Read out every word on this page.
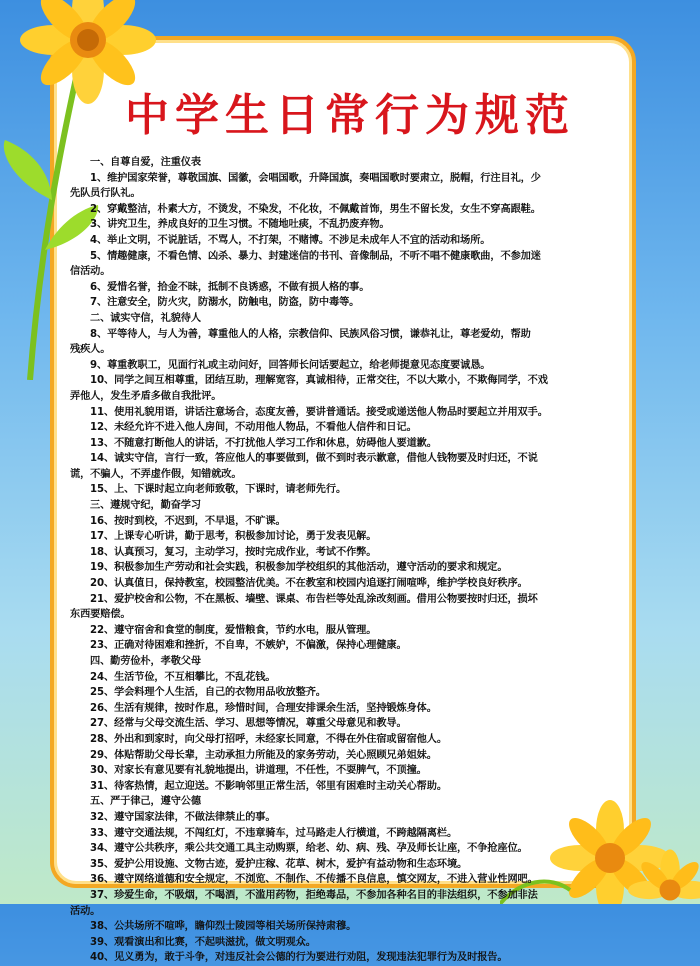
中学生日常行为规范
一、自尊自爱，注重仪表
1、维护国家荣誉，尊敬国旗、国徽，会唱国歌，升降国旗，奏唱国歌时要肃立，脱帽，行注目礼，少
先队员行队礼。
2、穿戴整洁，朴素大方，不烫发，不染发，不化妆，不佩戴首饰，男生不留长发，女生不穿高跟鞋。
3、讲究卫生，养成良好的卫生习惯。不随地吐痰，不乱扔废弃物。
4、举止文明，不说脏话，不骂人，不打架，不赌博。不涉足未成年人不宜的活动和场所。
5、情趣健康，不看色情、凶杀、暴力、封建迷信的书刊、音像制品，不听不唱不健康歌曲，不参加迷
信活动。
6、爱惜名誉，拾金不昧，抵制不良诱惑，不做有损人格的事。
7、注意安全，防火灾，防溺水，防触电，防盗，防中毒等。
二、诚实守信，礼貌待人
8、平等待人，与人为善，尊重他人的人格，宗教信仰、民族风俗习惯，谦恭礼让，尊老爱幼，帮助
残疾人。
9、尊重教职工，见面行礼或主动问好，回答师长问话要起立，给老师提意见态度要诚恳。
10、同学之间互相尊重，团结互助，理解宽容，真诚相待，正常交往，不以大欺小，不欺侮同学，不戏
弄他人，发生矛盾多做自我批评。
11、使用礼貌用语，讲话注意场合，态度友善，要讲普通话。接受或递送他人物品时要起立并用双手。
12、未经允许不进入他人房间，不动用他人物品，不看他人信件和日记。
13、不随意打断他人的讲话，不打扰他人学习工作和休息，妨碍他人要道歉。
14、诚实守信，言行一致，答应他人的事要做到，做不到时表示歉意，借他人钱物要及时归还，不说
谎，不骗人，不弄虚作假，知错就改。
15、上、下课时起立向老师致敬，下课时，请老师先行。
三、遵规守纪，勤奋学习
16、按时到校，不迟到，不早退，不旷课。
17、上课专心听讲，勤于思考，积极参加讨论，勇于发表见解。
18、认真预习，复习，主动学习，按时完成作业，考试不作弊。
19、积极参加生产劳动和社会实践，积极参加学校组织的其他活动，遵守活动的要求和规定。
20、认真值日，保持教室，校园整洁优美。不在教室和校园内追逐打闹喧哗，维护学校良好秩序。
21、爱护校舍和公物，不在黑板、墙壁、课桌、布告栏等处乱涂改刻画。借用公物要按时归还，损坏
东西要赔偿。
22、遵守宿舍和食堂的制度，爱惜粮食，节约水电，服从管理。
23、正确对待困难和挫折，不自卑，不嫉妒，不偏激，保持心理健康。
四、勤劳俭朴，孝敬父母
24、生活节俭，不互相攀比，不乱花钱。
25、学会料理个人生活，自己的衣物用品收放整齐。
26、生活有规律，按时作息，珍惜时间，合理安排课余生活，坚持锻炼身体。
27、经常与父母交流生活、学习、思想等情况，尊重父母意见和教导。
28、外出和到家时，向父母打招呼，未经家长同意，不得在外住宿或留宿他人。
29、体贴帮助父母长辈，主动承担力所能及的家务劳动，关心照顾兄弟姐妹。
30、对家长有意见要有礼貌地提出，讲道理，不任性，不耍脾气，不顶撞。
31、待客热情，起立迎送。不影响邻里正常生活，邻里有困难时主动关心帮助。
五、严于律己，遵守公德
32、遵守国家法律，不做法律禁止的事。
33、遵守交通法规，不闯红灯，不违章骑车，过马路走人行横道，不跨越隔离栏。
34、遵守公共秩序，乘公共交通工具主动购票，给老、幼、病、残、孕及师长让座，不争抢座位。
35、爱护公用设施、文物古迹，爱护庄稼、花草、树木，爱护有益动物和生态环境。
36、遵守网络道德和安全规定，不浏览、不制作、不传播不良信息，慎交网友，不进入营业性网吧。
37、珍爱生命，不吸烟，不喝酒，不滥用药物，拒绝毒品，不参加各种名目的非法组织，不参加非法
活动。
38、公共场所不喧哗，瞻仰烈士陵园等相关场所保持肃穆。
39、观看演出和比赛，不起哄滋扰，做文明观众。
40、见义勇为，敢于斗争，对违反社会公德的行为要进行劝阻，发现违法犯罪行为及时报告。
